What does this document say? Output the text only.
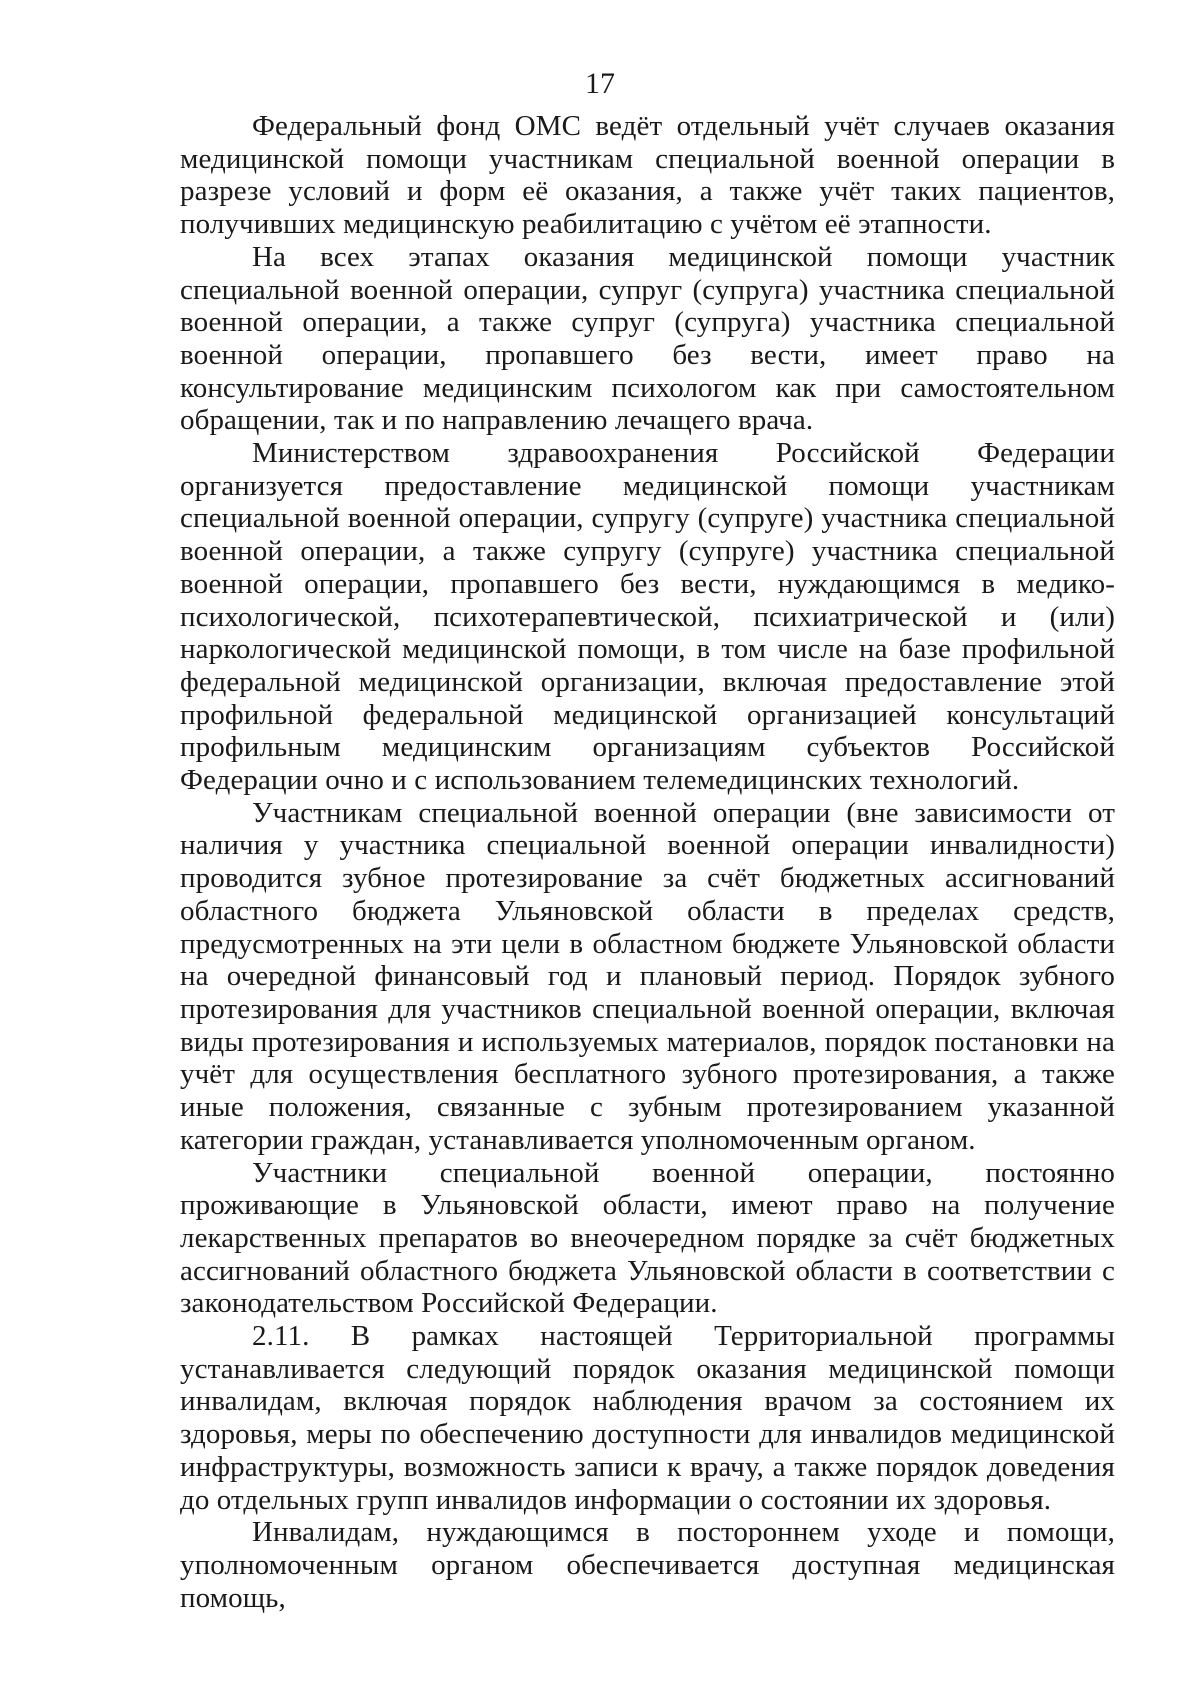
17

Федеральный фонд ОМС ведёт отдельный учёт случаев оказания медицинской помощи участникам специальной военной операции в разрезе условий и форм её оказания, а также учёт таких пациентов, получивших медицинскую реабилитацию с учётом её этапности.

На всех этапах оказания медицинской помощи участник специальной военной операции, супруг (супруга) участника специальной военной операции, а также супруг (супруга) участника специальной военной операции, пропавшего без вести, имеет право на консультирование медицинским психологом как при самостоятельном обращении, так и по направлению лечащего врача.

Министерством здравоохранения Российской Федерации организуется предоставление медицинской помощи участникам специальной военной операции, супругу (супруге) участника специальной военной операции, а также супругу (супруге) участника специальной военной операции, пропавшего без вести, нуждающимся в медико-психологической, психотерапевтической, психиатрической и (или) наркологической медицинской помощи, в том числе на базе профильной федеральной медицинской организации, включая предоставление этой профильной федеральной медицинской организацией консультаций профильным медицинским организациям субъектов Российской Федерации очно и с использованием телемедицинских технологий.

Участникам специальной военной операции (вне зависимости от наличия у участника специальной военной операции инвалидности) проводится зубное протезирование за счёт бюджетных ассигнований областного бюджета Ульяновской области в пределах средств, предусмотренных на эти цели в областном бюджете Ульяновской области на очередной финансовый год и плановый период. Порядок зубного протезирования для участников специальной военной операции, включая виды протезирования и используемых материалов, порядок постановки на учёт для осуществления бесплатного зубного протезирования, а также иные положения, связанные с зубным протезированием указанной категории граждан, устанавливается уполномоченным органом.

Участники специальной военной операции, постоянно проживающие в Ульяновской области, имеют право на получение лекарственных препаратов во внеочередном порядке за счёт бюджетных ассигнований областного бюджета Ульяновской области в соответствии с законодательством Российской Федерации.

2.11. В рамках настоящей Территориальной программы устанавливается следующий порядок оказания медицинской помощи инвалидам, включая порядок наблюдения врачом за состоянием их здоровья, меры по обеспечению доступности для инвалидов медицинской инфраструктуры, возможность записи к врачу, а также порядок доведения до отдельных групп инвалидов информации о состоянии их здоровья.

Инвалидам, нуждающимся в постороннем уходе и помощи, уполномоченным органом обеспечивается доступная медицинская помощь,
